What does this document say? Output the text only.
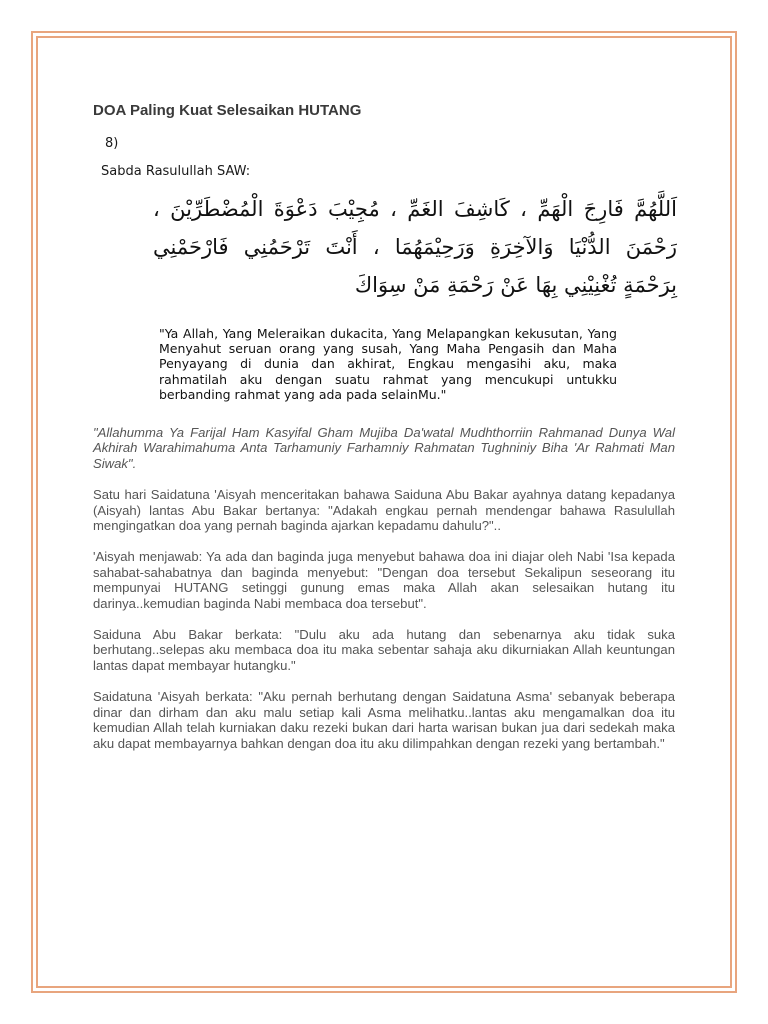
DOA Paling Kuat Selesaikan HUTANG
8)
Sabda Rasulullah SAW:
اَللَّهُمَّ فَارِجَ الْهَمِّ ، كَاشِفَ الغَمِّ ، مُجِيْبَ دَعْوَةَ الْمُضْطَرِّيْنَ ، رَحْمَنَ الدُّنْيَا وَالآخِرَةِ وَرَحِيْمَهُمَا ، أَنْتَ تَرْحَمُنِي فَارْحَمْنِي بِرَحْمَةٍ تُغْنِيْنِي بِهَا عَنْ رَحْمَةِ مَنْ سِوَاكَ
"Ya Allah, Yang Meleraikan dukacita, Yang Melapangkan kekusutan, Yang Menyahut seruan orang yang susah, Yang Maha Pengasih dan Maha Penyayang di dunia dan akhirat, Engkau mengasihi aku, maka rahmatilah aku dengan suatu rahmat yang mencukupi untukku berbanding rahmat yang ada pada selainMu."

"Allahumma Ya Farijal Ham Kasyifal Gham Mujiba Da'watal Mudhthorriin Rahmanad Dunya Wal Akhirah Warahimahuma Anta Tarhamuniy Farhamniy Rahmatan Tughniniy Biha 'Ar Rahmati Man Siwak".

Satu hari Saidatuna 'Aisyah menceritakan bahawa Saiduna Abu Bakar ayahnya datang kepadanya (Aisyah) lantas Abu Bakar bertanya: "Adakah engkau pernah mendengar bahawa Rasulullah mengingatkan doa yang pernah baginda ajarkan kepadamu dahulu?"..

'Aisyah menjawab: Ya ada dan baginda juga menyebut bahawa doa ini diajar oleh Nabi 'Isa kepada sahabat-sahabatnya dan baginda menyebut: "Dengan doa tersebut Sekalipun seseorang itu mempunyai HUTANG setinggi gunung emas maka Allah akan selesaikan hutang itu darinya..kemudian baginda Nabi membaca doa tersebut".

Saiduna Abu Bakar berkata: "Dulu aku ada hutang dan sebenarnya aku tidak suka berhutang..selepas aku membaca doa itu maka sebentar sahaja aku dikurniakan Allah keuntungan lantas dapat membayar hutangku."

Saidatuna 'Aisyah berkata: "Aku pernah berhutang dengan Saidatuna Asma' sebanyak beberapa dinar dan dirham dan aku malu setiap kali Asma melihatku..lantas aku mengamalkan doa itu kemudian Allah telah kurniakan daku rezeki bukan dari harta warisan bukan jua dari sedekah maka aku dapat membayarnya bahkan dengan doa itu aku dilimpahkan dengan rezeki yang bertambah."
